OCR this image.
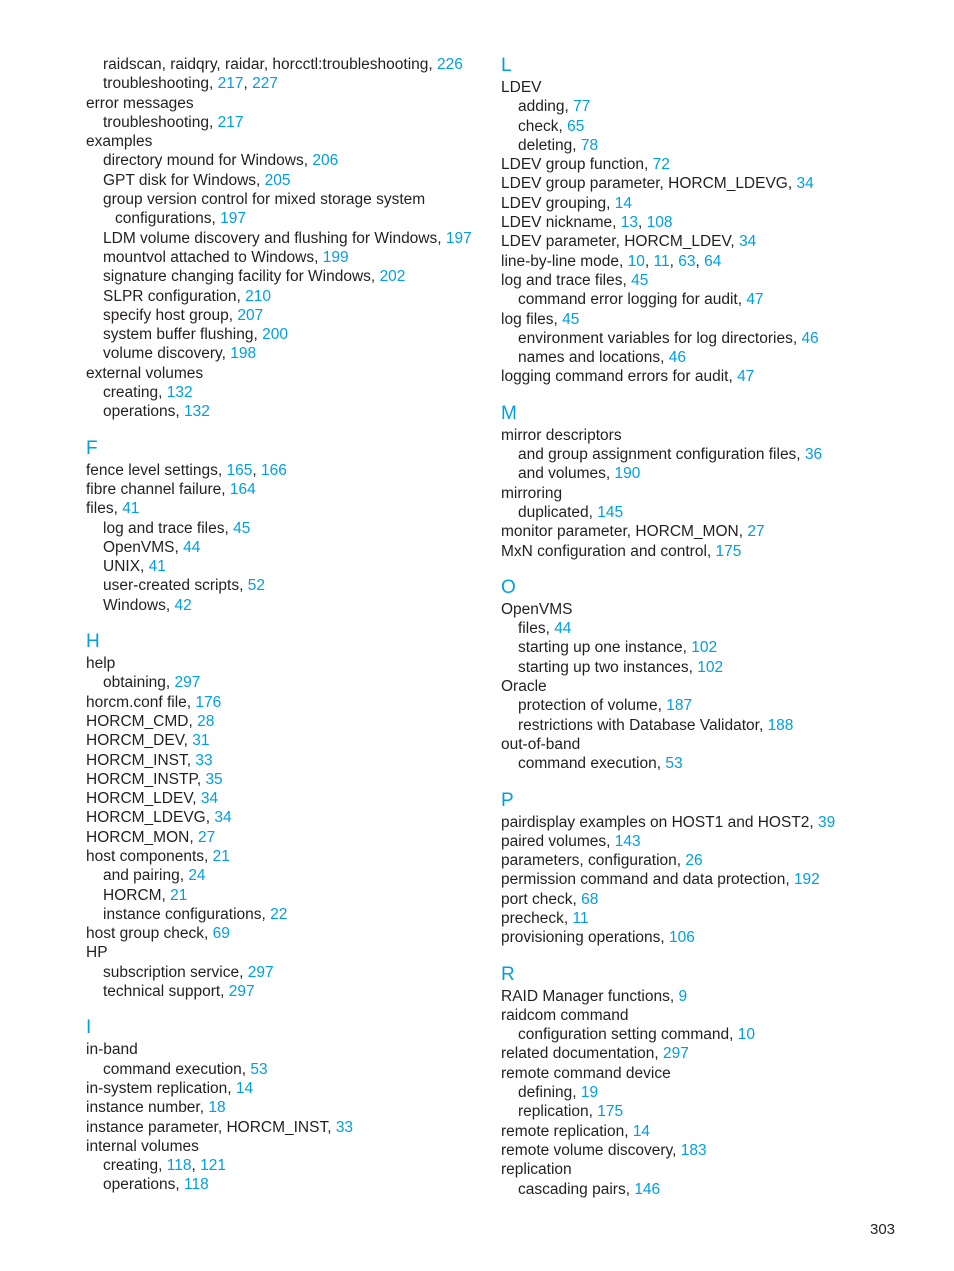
raidscan, raidqry, raidar, horcctl:troubleshooting, 226
troubleshooting, 217, 227
error messages
troubleshooting, 217
examples
directory mound for Windows, 206
GPT disk for Windows, 205
group version control for mixed storage system
configurations, 197
LDM volume discovery and flushing for Windows, 197
mountvol attached to Windows, 199
signature changing facility for Windows, 202
SLPR configuration, 210
specify host group, 207
system buffer flushing, 200
volume discovery, 198
external volumes
creating, 132
operations, 132
F
fence level settings, 165, 166
fibre channel failure, 164
files, 41
log and trace files, 45
OpenVMS, 44
UNIX, 41
user-created scripts, 52
Windows, 42
H
help
obtaining, 297
horcm.conf file, 176
HORCM_CMD, 28
HORCM_DEV, 31
HORCM_INST, 33
HORCM_INSTP, 35
HORCM_LDEV, 34
HORCM_LDEVG, 34
HORCM_MON, 27
host components, 21
and pairing, 24
HORCM, 21
instance configurations, 22
host group check, 69
HP
subscription service, 297
technical support, 297
I
in-band
command execution, 53
in-system replication, 14
instance number, 18
instance parameter, HORCM_INST, 33
internal volumes
creating, 118, 121
operations, 118
L
LDEV
adding, 77
check, 65
deleting, 78
LDEV group function, 72
LDEV group parameter, HORCM_LDEVG, 34
LDEV grouping, 14
LDEV nickname, 13, 108
LDEV parameter, HORCM_LDEV, 34
line-by-line mode, 10, 11, 63, 64
log and trace files, 45
command error logging for audit, 47
log files, 45
environment variables for log directories, 46
names and locations, 46
logging command errors for audit, 47
M
mirror descriptors
and group assignment configuration files, 36
and volumes, 190
mirroring
duplicated, 145
monitor parameter, HORCM_MON, 27
MxN configuration and control, 175
O
OpenVMS
files, 44
starting up one instance, 102
starting up two instances, 102
Oracle
protection of volume, 187
restrictions with Database Validator, 188
out-of-band
command execution, 53
P
pairdisplay examples on HOST1 and HOST2, 39
paired volumes, 143
parameters, configuration, 26
permission command and data protection, 192
port check, 68
precheck, 11
provisioning operations, 106
R
RAID Manager functions, 9
raidcom command
configuration setting command, 10
related documentation, 297
remote command device
defining, 19
replication, 175
remote replication, 14
remote volume discovery, 183
replication
cascading pairs, 146
303
